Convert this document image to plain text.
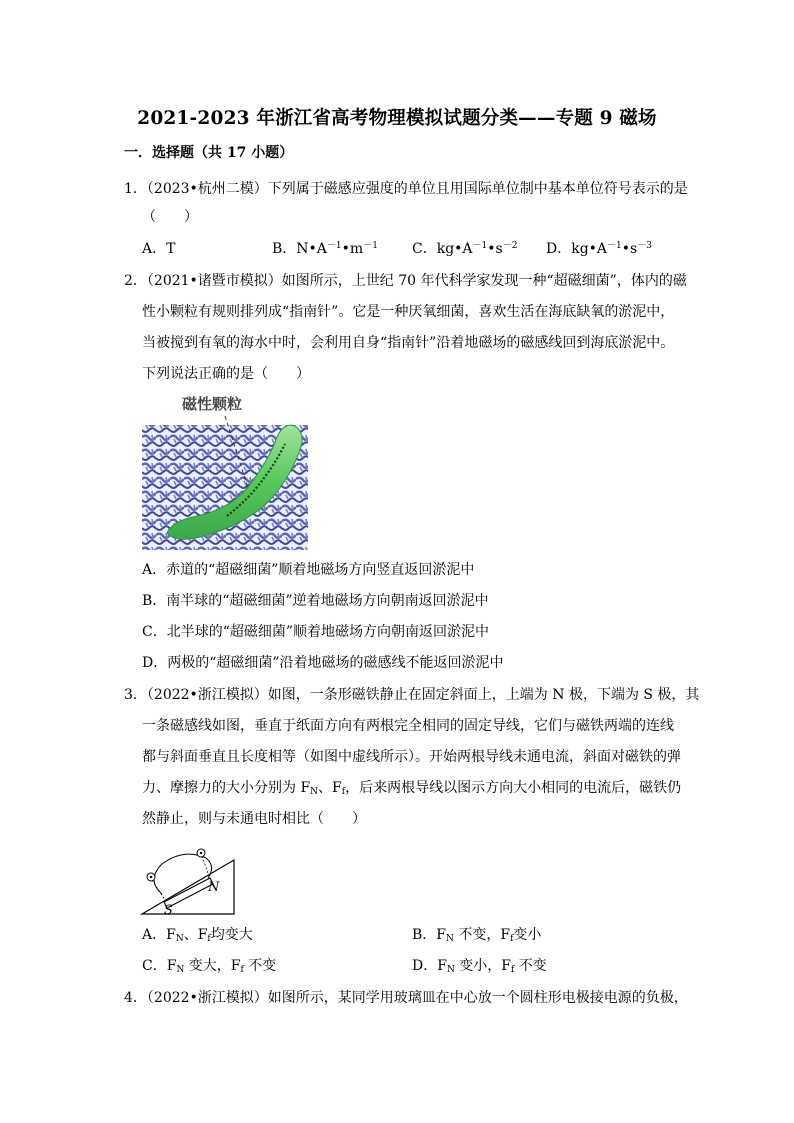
2021-2023 年浙江省高考物理模拟试题分类——专题 9 磁场
一．选择题（共 17 小题）
1．（2023•杭州二模）下列属于磁感应强度的单位且用国际单位制中基本单位符号表示的是
（　　）
A．T	B．$N•A^{-1}•m^{-1}$ C．$kg•A^{-1}•s^{-2}$ D．$kg•A^{-1}•s^{-3}$
2．（2021•诸暨市模拟）如图所示，上世纪 70 年代科学家发现一种“超磁细菌”，体内的磁
性小颗粒有规则排列成“指南针”。它是一种厌氧细菌，喜欢生活在海底缺氧的淤泥中，
当被搅到有氧的海水中时，会利用自身“指南针”沿着地磁场的磁感线回到海底淤泥中。
下列说法正确的是（　　）
磁性颗粒
A．赤道的“超磁细菌”顺着地磁场方向竖直返回淤泥中
B．南半球的“超磁细菌”逆着地磁场方向朝南返回淤泥中
C．北半球的“超磁细菌”顺着地磁场方向朝南返回淤泥中
D．两极的“超磁细菌”沿着地磁场的磁感线不能返回淤泥中
3．（2022•浙江模拟）如图，一条形磁铁静止在固定斜面上，上端为 N 极，下端为 S 极，其
一条磁感线如图，垂直于纸面方向有两根完全相同的固定导线，它们与磁铁两端的连线
都与斜面垂直且长度相等（如图中虚线所示）。开始两根导线未通电流，斜面对磁铁的弹
力、摩擦力的大小分别为 $F_N$、$F_f$，后来两根导线以图示方向大小相同的电流后，磁铁仍
然静止，则与未通电时相比（　　）
N
S
A．$F_N$、$F_f$均变大	B．$F_N$ 不变，$F_f$变小
C．$F_N$ 变大，$F_f$ 不变	D．$F_N$ 变小，$F_f$ 不变
4．（2022•浙江模拟）如图所示，某同学用玻璃皿在中心放一个圆柱形电极接电源的负极，
